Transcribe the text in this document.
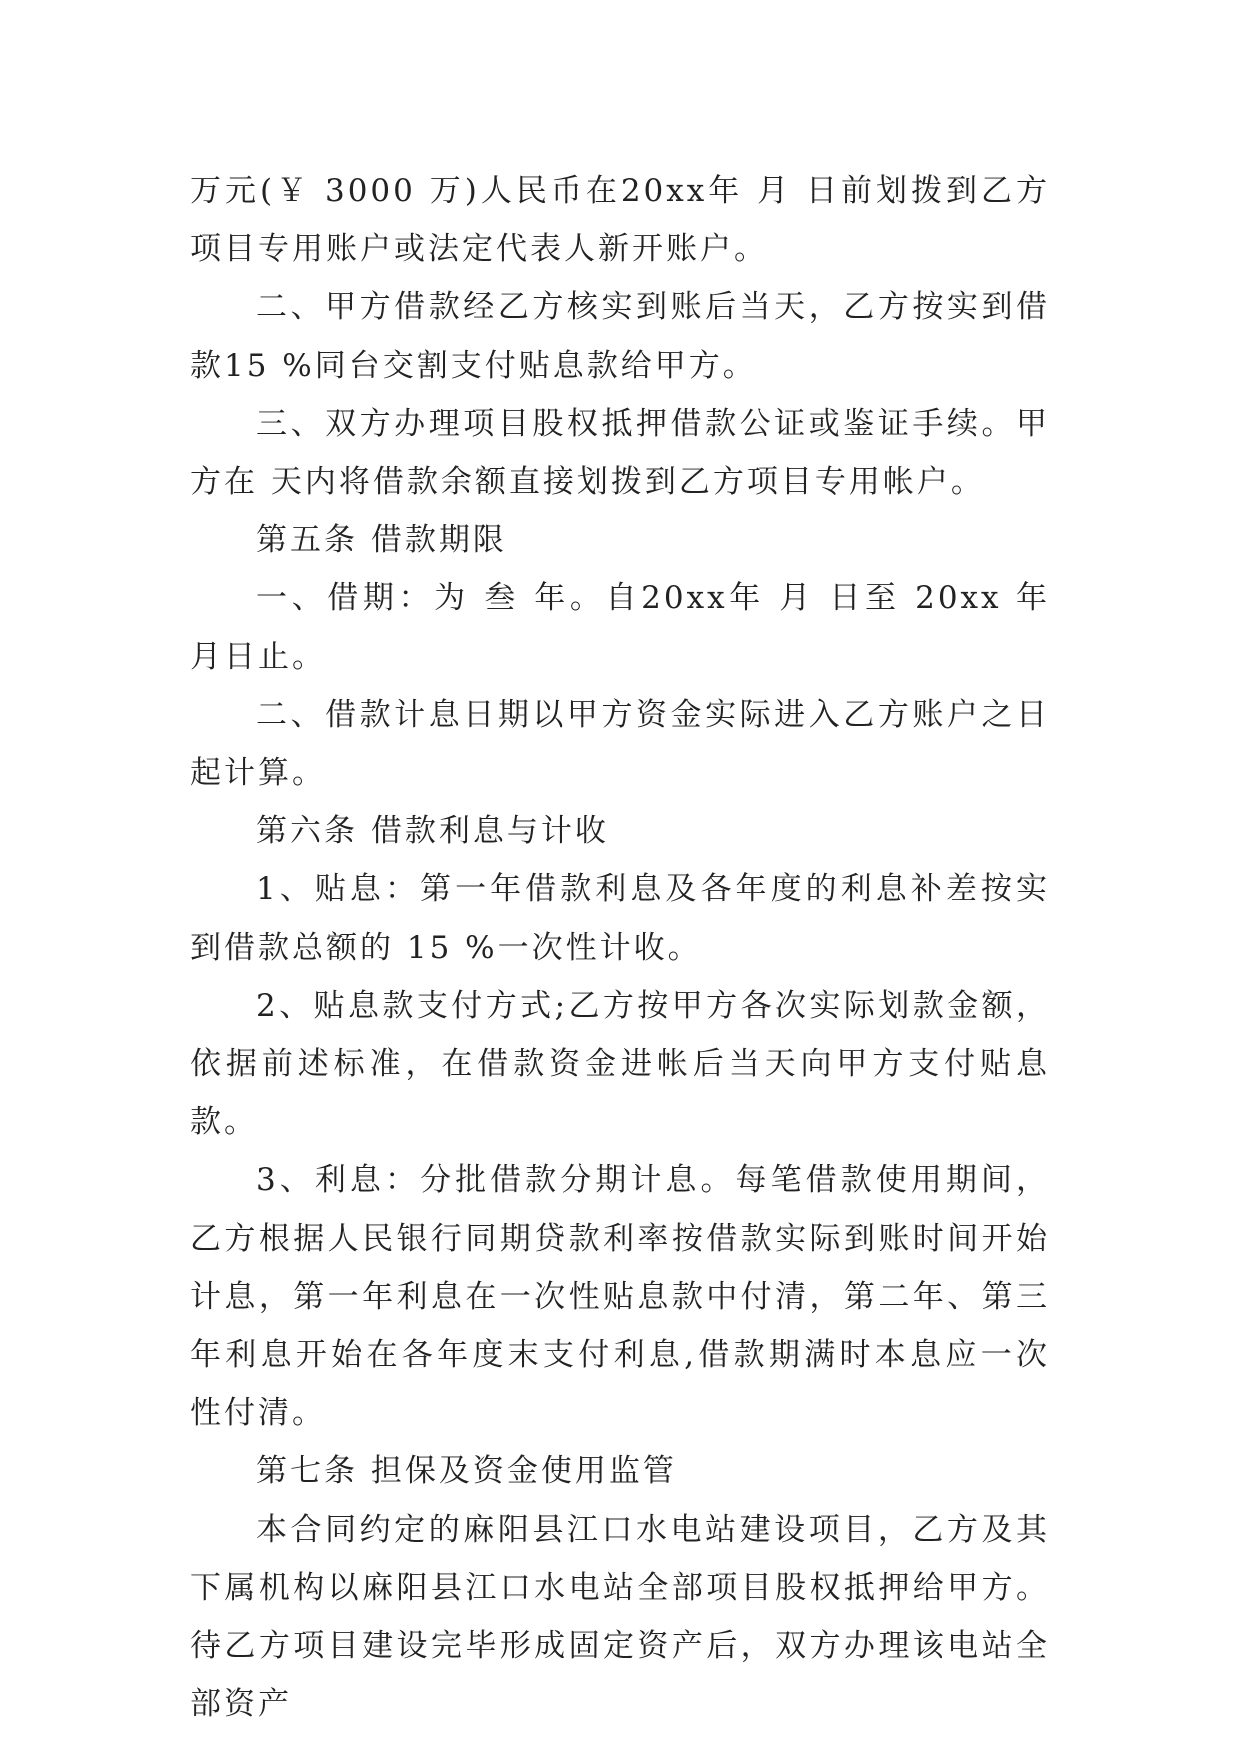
万元(￥ 3000 万)人民币在20xx年 月 日前划拨到乙方项目专用账户或法定代表人新开账户。

二、甲方借款经乙方核实到账后当天，乙方按实到借款15 %同台交割支付贴息款给甲方。

三、双方办理项目股权抵押借款公证或鉴证手续。甲方在 天内将借款余额直接划拨到乙方项目专用帐户。

第五条 借款期限

一、借期：为 叁 年。自20xx年 月 日至 20xx 年 月日止。

二、借款计息日期以甲方资金实际进入乙方账户之日起计算。

第六条 借款利息与计收

1、贴息：第一年借款利息及各年度的利息补差按实到借款总额的 15 %一次性计收。

2、贴息款支付方式;乙方按甲方各次实际划款金额，依据前述标准，在借款资金进帐后当天向甲方支付贴息款。

3、利息：分批借款分期计息。每笔借款使用期间，乙方根据人民银行同期贷款利率按借款实际到账时间开始计息，第一年利息在一次性贴息款中付清，第二年、第三年利息开始在各年度末支付利息,借款期满时本息应一次性付清。

第七条 担保及资金使用监管

本合同约定的麻阳县江口水电站建设项目，乙方及其下属机构以麻阳县江口水电站全部项目股权抵押给甲方。待乙方项目建设完毕形成固定资产后，双方办理该电站全部资产
